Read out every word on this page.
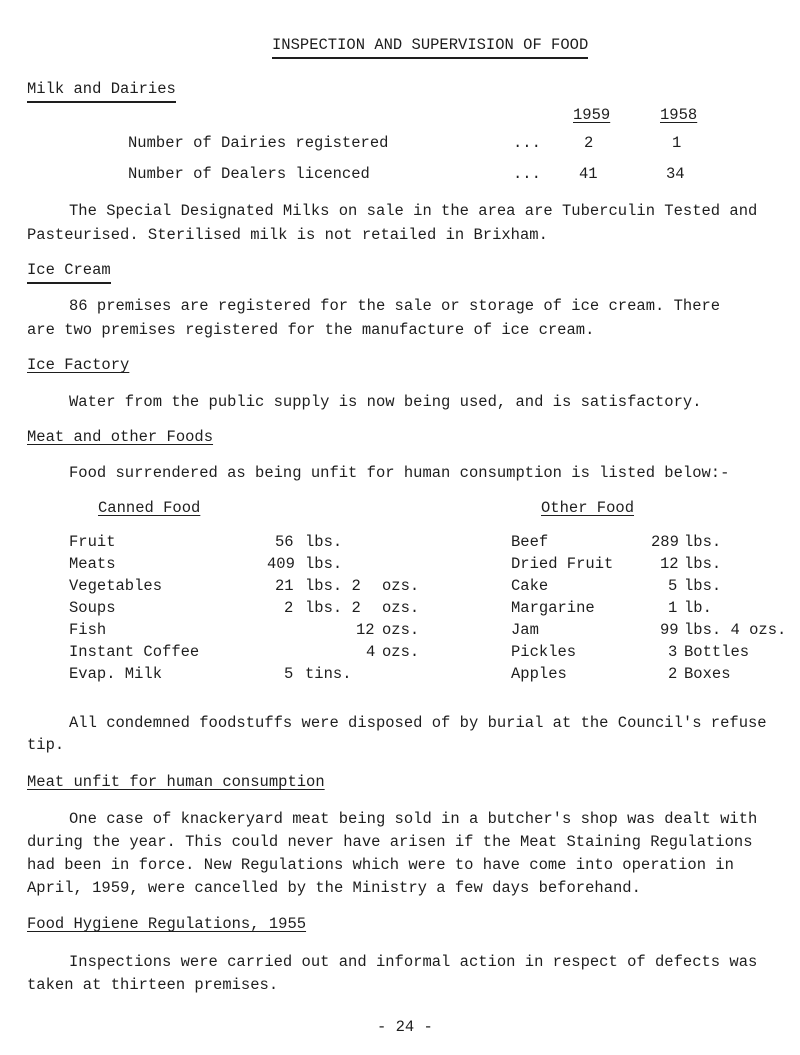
INSPECTION AND SUPERVISION OF FOOD
Milk and Dairies
1959	1958
Number of Dairies registered	...	2	1
Number of Dealers licenced	... 41	34
The Special Designated Milks on sale in the area are Tuberculin Tested and
Pasteurised. Sterilised milk is not retailed in Brixham.
Ice Cream
86 premises are registered for the sale or storage of ice cream. There
are two premises registered for the manufacture of ice cream.
Ice Factory
Water from the public supply is now being used, and is satisfactory.
Meat and other Foods
Food surrendered as being unfit for human consumption is listed below:-
Canned Food
Fruit	56 lbs.
Meats	409 lbs.
Vegetables	21 lbs. 2 ozs.
Soups	2 lbs. 2 ozs.
Fish	12 ozs.
Instant Coffee	4 ozs.
Evap. Milk	5 tins.
Other Food
Beef	289 lbs.
Dried Fruit	12 lbs.
Cake	5 lbs.
Margarine	1 lb.
Jam	99 lbs. 4 ozs.
Pickles	3 Bottles
Apples	2 Boxes
All condemned foodstuffs were disposed of by burial at the Council's refuse
tip.
Meat unfit for human consumption
One case of knackeryard meat being sold in a butcher's shop was dealt with
during the year. This could never have arisen if the Meat Staining Regulations
had been in force. New Regulations which were to have come into operation in
April, 1959, were cancelled by the Ministry a few days beforehand.
Food Hygiene Regulations, 1955
Inspections were carried out and informal action in respect of defects was
taken at thirteen premises.
- 24 -
